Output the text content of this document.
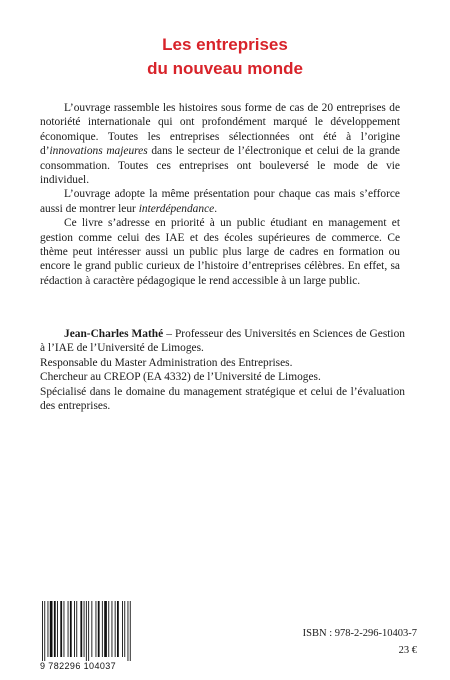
Les entreprises
du nouveau monde

L’ouvrage rassemble les histoires sous forme de cas de 20 entreprises de notoriété internationale qui ont profondément marqué le développement économique. Toutes les entreprises sélectionnées ont été à l’origine d’innovations majeures dans le secteur de l’électronique et celui de la grande consommation. Toutes ces entreprises ont bouleversé le mode de vie individuel.

L’ouvrage adopte la même présentation pour chaque cas mais s’efforce aussi de montrer leur interdépendance.

Ce livre s’adresse en priorité à un public étudiant en management et gestion comme celui des IAE et des écoles supérieures de commerce. Ce thème peut intéresser aussi un public plus large de cadres en formation ou encore le grand public curieux de l’histoire d’entreprises célèbres. En effet, sa rédaction à caractère pédagogique le rend accessible à un large public.

Jean-Charles Mathé – Professeur des Universités en Sciences de Gestion à l’IAE de l’Université de Limoges.

Responsable du Master Administration des Entreprises.

Chercheur au CREOP (EA 4332) de l’Université de Limoges.

Spécialisé dans le domaine du management stratégique et celui de l’évaluation des entreprises.

9 782296 104037
ISBN : 978-2-296-10403-7
23 €
